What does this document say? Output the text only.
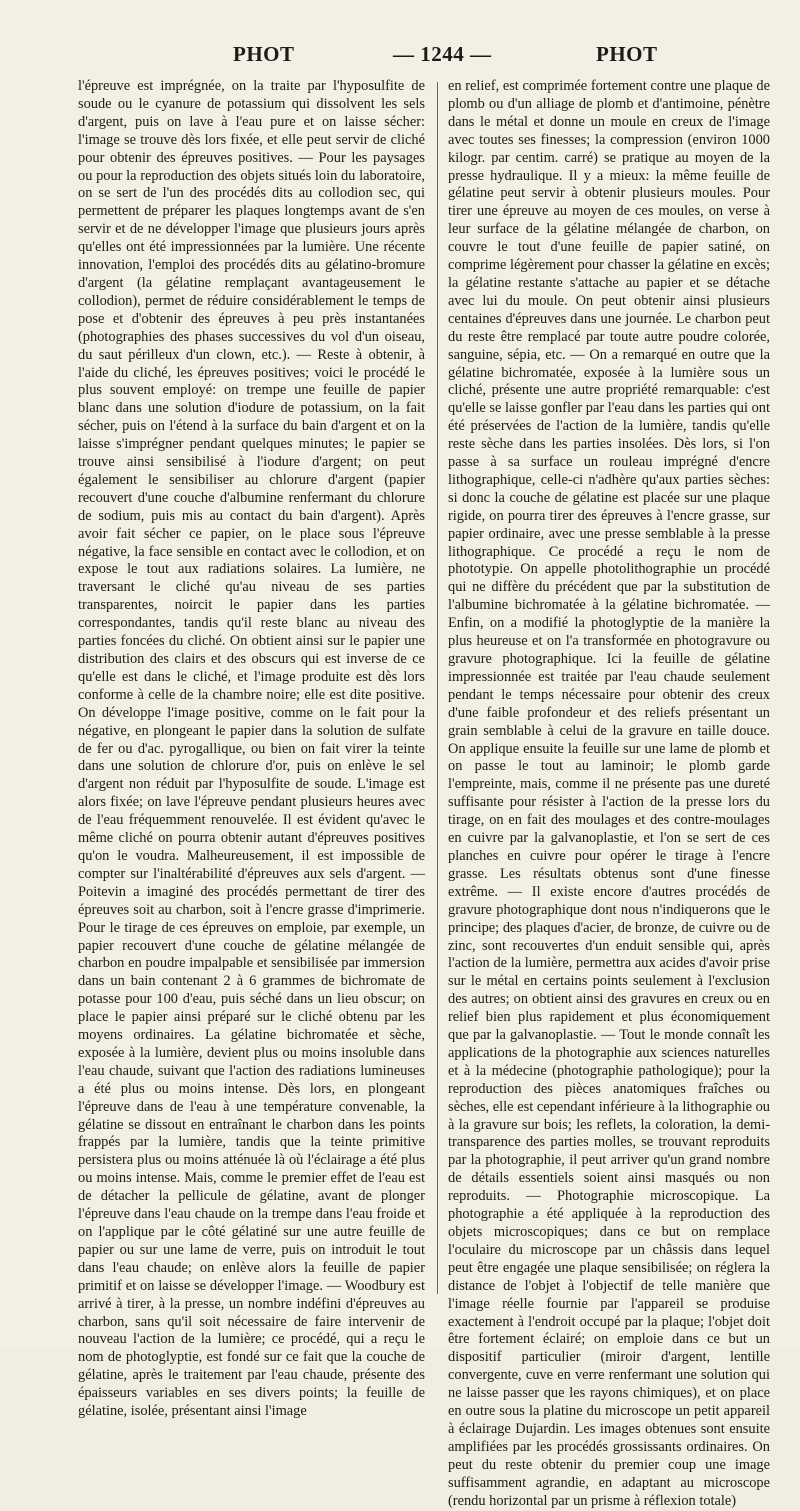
PHOT	— 1244 —	PHOT

l'épreuve est imprégnée, on la traite par l'hyposulfite de soude ou le cyanure de potassium qui dissolvent les sels d'argent, puis on lave à l'eau pure et on laisse sécher: l'image se trouve dès lors fixée, et elle peut servir de cliché pour obtenir des épreuves positives. — Pour les paysages ou pour la reproduction des objets situés loin du laboratoire, on se sert de l'un des procédés dits au collodion sec, qui permettent de préparer les plaques longtemps avant de s'en servir et de ne développer l'image que plusieurs jours après qu'elles ont été impressionnées par la lumière. Une récente innovation, l'emploi des procédés dits au gélatino-bromure d'argent (la gélatine remplaçant avantageusement le collodion), permet de réduire considérablement le temps de pose et d'obtenir des épreuves à peu près instantanées (photographies des phases successives du vol d'un oiseau, du saut périlleux d'un clown, etc.). — Reste à obtenir, à l'aide du cliché, les épreuves positives; voici le procédé le plus souvent employé: on trempe une feuille de papier blanc dans une solution d'iodure de potassium, on la fait sécher, puis on l'étend à la surface du bain d'argent et on la laisse s'imprégner pendant quelques minutes; le papier se trouve ainsi sensibilisé à l'iodure d'argent; on peut également le sensibiliser au chlorure d'argent (papier recouvert d'une couche d'albumine renfermant du chlorure de sodium, puis mis au contact du bain d'argent). Après avoir fait sécher ce papier, on le place sous l'épreuve négative, la face sensible en contact avec le collodion, et on expose le tout aux radiations solaires. La lumière, ne traversant le cliché qu'au niveau de ses parties transparentes, noircit le papier dans les parties correspondantes, tandis qu'il reste blanc au niveau des parties foncées du cliché. On obtient ainsi sur le papier une distribution des clairs et des obscurs qui est inverse de ce qu'elle est dans le cliché, et l'image produite est dès lors conforme à celle de la chambre noire; elle est dite positive. On développe l'image positive, comme on le fait pour la négative, en plongeant le papier dans la solution de sulfate de fer ou d'ac. pyrogallique, ou bien on fait virer la teinte dans une solution de chlorure d'or, puis on enlève le sel d'argent non réduit par l'hyposulfite de soude. L'image est alors fixée; on lave l'épreuve pendant plusieurs heures avec de l'eau fréquemment renouvelée. Il est évident qu'avec le même cliché on pourra obtenir autant d'épreuves positives qu'on le voudra. Malheureusement, il est impossible de compter sur l'inaltérabilité d'épreuves aux sels d'argent. — Poitevin a imaginé des procédés permettant de tirer des épreuves soit au charbon, soit à l'encre grasse d'imprimerie. Pour le tirage de ces épreuves on emploie, par exemple, un papier recouvert d'une couche de gélatine mélangée de charbon en poudre impalpable et sensibilisée par immersion dans un bain contenant 2 à 6 grammes de bichromate de potasse pour 100 d'eau, puis séché dans un lieu obscur; on place le papier ainsi préparé sur le cliché obtenu par les moyens ordinaires. La gélatine bichromatée et sèche, exposée à la lumière, devient plus ou moins insoluble dans l'eau chaude, suivant que l'action des radiations lumineuses a été plus ou moins intense. Dès lors, en plongeant l'épreuve dans de l'eau à une température convenable, la gélatine se dissout en entraînant le charbon dans les points frappés par la lumière, tandis que la teinte primitive persistera plus ou moins atténuée là où l'éclairage a été plus ou moins intense. Mais, comme le premier effet de l'eau est de détacher la pellicule de gélatine, avant de plonger l'épreuve dans l'eau chaude on la trempe dans l'eau froide et on l'applique par le côté gélatiné sur une autre feuille de papier ou sur une lame de verre, puis on introduit le tout dans l'eau chaude; on enlève alors la feuille de papier primitif et on laisse se développer l'image. — Woodbury est arrivé à tirer, à la presse, un nombre indéfini d'épreuves au charbon, sans qu'il soit nécessaire de faire intervenir de nouveau l'action de la lumière; ce procédé, qui a reçu le nom de photoglyptie, est fondé sur ce fait que la couche de gélatine, après le traitement par l'eau chaude, présente des épaisseurs variables en ses divers points; la feuille de gélatine, isolée, présentant ainsi l'image

en relief, est comprimée fortement contre une plaque de plomb ou d'un alliage de plomb et d'antimoine, pénètre dans le métal et donne un moule en creux de l'image avec toutes ses finesses; la compression (environ 1000 kilogr. par centim. carré) se pratique au moyen de la presse hydraulique. Il y a mieux: la même feuille de gélatine peut servir à obtenir plusieurs moules. Pour tirer une épreuve au moyen de ces moules, on verse à leur surface de la gélatine mélangée de charbon, on couvre le tout d'une feuille de papier satiné, on comprime légèrement pour chasser la gélatine en excès; la gélatine restante s'attache au papier et se détache avec lui du moule. On peut obtenir ainsi plusieurs centaines d'épreuves dans une journée. Le charbon peut du reste être remplacé par toute autre poudre colorée, sanguine, sépia, etc. — On a remarqué en outre que la gélatine bichromatée, exposée à la lumière sous un cliché, présente une autre propriété remarquable: c'est qu'elle se laisse gonfler par l'eau dans les parties qui ont été préservées de l'action de la lumière, tandis qu'elle reste sèche dans les parties insolées. Dès lors, si l'on passe à sa surface un rouleau imprégné d'encre lithographique, celle-ci n'adhère qu'aux parties sèches: si donc la couche de gélatine est placée sur une plaque rigide, on pourra tirer des épreuves à l'encre grasse, sur papier ordinaire, avec une presse semblable à la presse lithographique. Ce procédé a reçu le nom de phototypie. On appelle photolithographie un procédé qui ne diffère du précédent que par la substitution de l'albumine bichromatée à la gélatine bichromatée. — Enfin, on a modifié la photoglyptie de la manière la plus heureuse et on l'a transformée en photogravure ou gravure photographique. Ici la feuille de gélatine impressionnée est traitée par l'eau chaude seulement pendant le temps nécessaire pour obtenir des creux d'une faible profondeur et des reliefs présentant un grain semblable à celui de la gravure en taille douce. On applique ensuite la feuille sur une lame de plomb et on passe le tout au laminoir; le plomb garde l'empreinte, mais, comme il ne présente pas une dureté suffisante pour résister à l'action de la presse lors du tirage, on en fait des moulages et des contre-moulages en cuivre par la galvanoplastie, et l'on se sert de ces planches en cuivre pour opérer le tirage à l'encre grasse. Les résultats obtenus sont d'une finesse extrême. — Il existe encore d'autres procédés de gravure photographique dont nous n'indiquerons que le principe; des plaques d'acier, de bronze, de cuivre ou de zinc, sont recouvertes d'un enduit sensible qui, après l'action de la lumière, permettra aux acides d'avoir prise sur le métal en certains points seulement à l'exclusion des autres; on obtient ainsi des gravures en creux ou en relief bien plus rapidement et plus économiquement que par la galvanoplastie. — Tout le monde connaît les applications de la photographie aux sciences naturelles et à la médecine (photographie pathologique); pour la reproduction des pièces anatomiques fraîches ou sèches, elle est cependant inférieure à la lithographie ou à la gravure sur bois; les reflets, la coloration, la demi-transparence des parties molles, se trouvant reproduits par la photographie, il peut arriver qu'un grand nombre de détails essentiels soient ainsi masqués ou non reproduits. — Photographie microscopique. La photographie a été appliquée à la reproduction des objets microscopiques; dans ce but on remplace l'oculaire du microscope par un châssis dans lequel peut être engagée une plaque sensibilisée; on réglera la distance de l'objet à l'objectif de telle manière que l'image réelle fournie par l'appareil se produise exactement à l'endroit occupé par la plaque; l'objet doit être fortement éclairé; on emploie dans ce but un dispositif particulier (miroir d'argent, lentille convergente, cuve en verre renfermant une solution qui ne laisse passer que les rayons chimiques), et on place en outre sous la platine du microscope un petit appareil à éclairage Dujardin. Les images obtenues sont ensuite amplifiées par les procédés grossissants ordinaires. On peut du reste obtenir du premier coup une image suffisamment agrandie, en adaptant au microscope (rendu horizontal par un prisme à réflexion totale)
